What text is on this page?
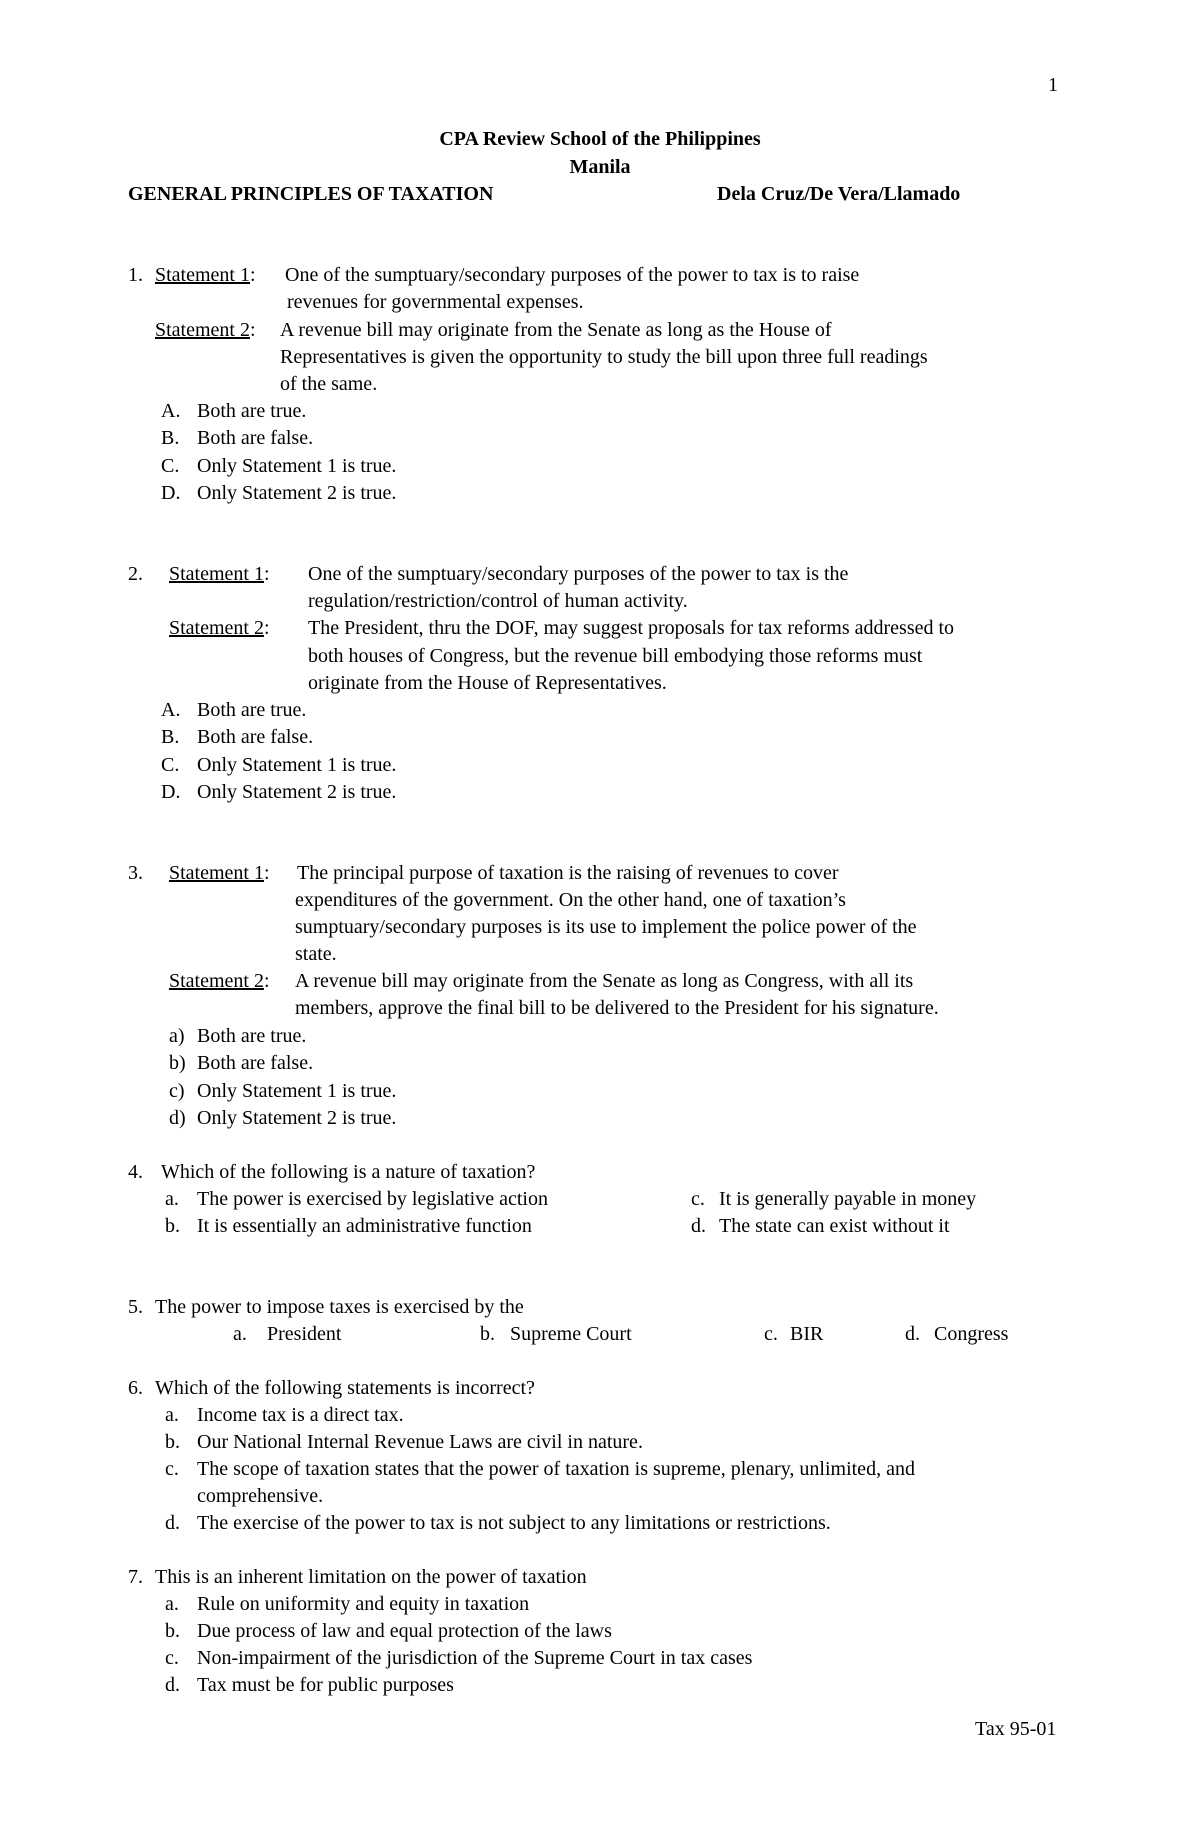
1
CPA Review School of the Philippines
Manila
GENERAL PRINCIPLES OF TAXATION	Dela Cruz/De Vera/Llamado
1. Statement 1: One of the sumptuary/secondary purposes of the power to tax is to raise
revenues for governmental expenses.
Statement 2: A revenue bill may originate from the Senate as long as the House of
Representatives is given the opportunity to study the bill upon three full readings
of the same.
A. Both are true.
B. Both are false.
C. Only Statement 1 is true.
D. Only Statement 2 is true.
2. Statement 1: One of the sumptuary/secondary purposes of the power to tax is the
regulation/restriction/control of human activity.
Statement 2: The President, thru the DOF, may suggest proposals for tax reforms addressed to
both houses of Congress, but the revenue bill embodying those reforms must
originate from the House of Representatives.
A. Both are true.
B. Both are false.
C. Only Statement 1 is true.
D. Only Statement 2 is true.
3. Statement 1: The principal purpose of taxation is the raising of revenues to cover
expenditures of the government. On the other hand, one of taxation’s
sumptuary/secondary purposes is its use to implement the police power of the
state.
Statement 2: A revenue bill may originate from the Senate as long as Congress, with all its
members, approve the final bill to be delivered to the President for his signature.
a) Both are true.
b) Both are false.
c) Only Statement 1 is true.
d) Only Statement 2 is true.
4. Which of the following is a nature of taxation?
a. The power is exercised by legislative action
b. It is essentially an administrative function
c. It is generally payable in money
d. The state can exist without it
5. The power to impose taxes is exercised by the
a. President	b. Supreme Court	c. BIR	d. Congress
6. Which of the following statements is incorrect?
a. Income tax is a direct tax.
b. Our National Internal Revenue Laws are civil in nature.
c. The scope of taxation states that the power of taxation is supreme, plenary, unlimited, and
comprehensive.
d. The exercise of the power to tax is not subject to any limitations or restrictions.
7. This is an inherent limitation on the power of taxation
a. Rule on uniformity and equity in taxation
b. Due process of law and equal protection of the laws
c. Non-impairment of the jurisdiction of the Supreme Court in tax cases
d. Tax must be for public purposes
Tax 95-01
